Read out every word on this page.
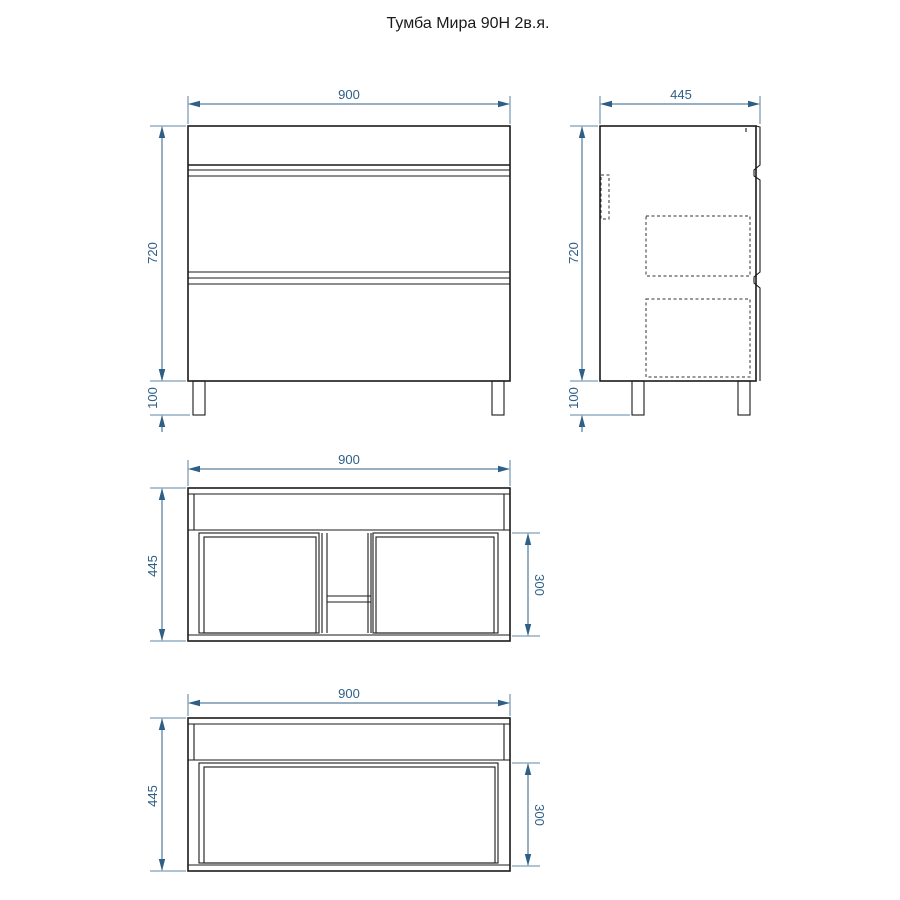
Тумба Мира 90Н 2в.я.
900
720
100
445
720
100
900
445
300
900
445
300
